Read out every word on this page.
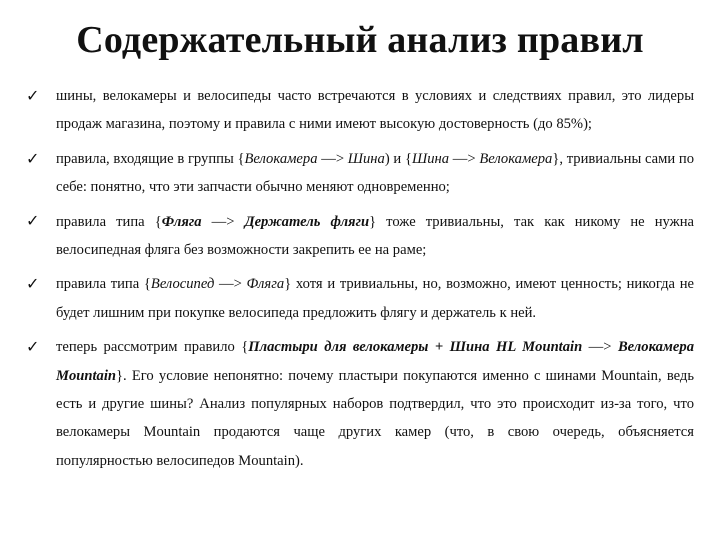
Содержательный анализ правил
✓	шины, велокамеры и велосипеды часто встречаются в условиях и следствиях правил, это лидеры продаж магазина, поэтому и правила с ними имеют высокую достоверность (до 85%);
✓	правила, входящие в группы {Велокамера —> Шина) и {Шина —> Велокамера}, тривиальны сами по себе: понятно, что эти запчасти обычно меняют одновременно;
✓	правила типа {Фляга —> Держатель фляги} тоже тривиальны, так как никому не нужна велосипедная фляга без возможности закрепить ее на раме;
✓	правила типа {Велосипед —> Фляга} хотя и тривиальны, но, возможно, имеют ценность; никогда не будет лишним при покупке велосипеда предложить флягу и держатель к ней.
✓	теперь рассмотрим правило {Пластыри для велокамеры + Шина HL Mountain —> Велокамера Mountain}. Его условие непонятно: почему пластыри покупаются именно с шинами Mountain, ведь есть и другие шины? Анализ популярных наборов подтвердил, что это происходит из-за того, что велокамеры Mountain продаются чаще других камер (что, в свою очередь, объясняется популярностью велосипедов Mountain).
